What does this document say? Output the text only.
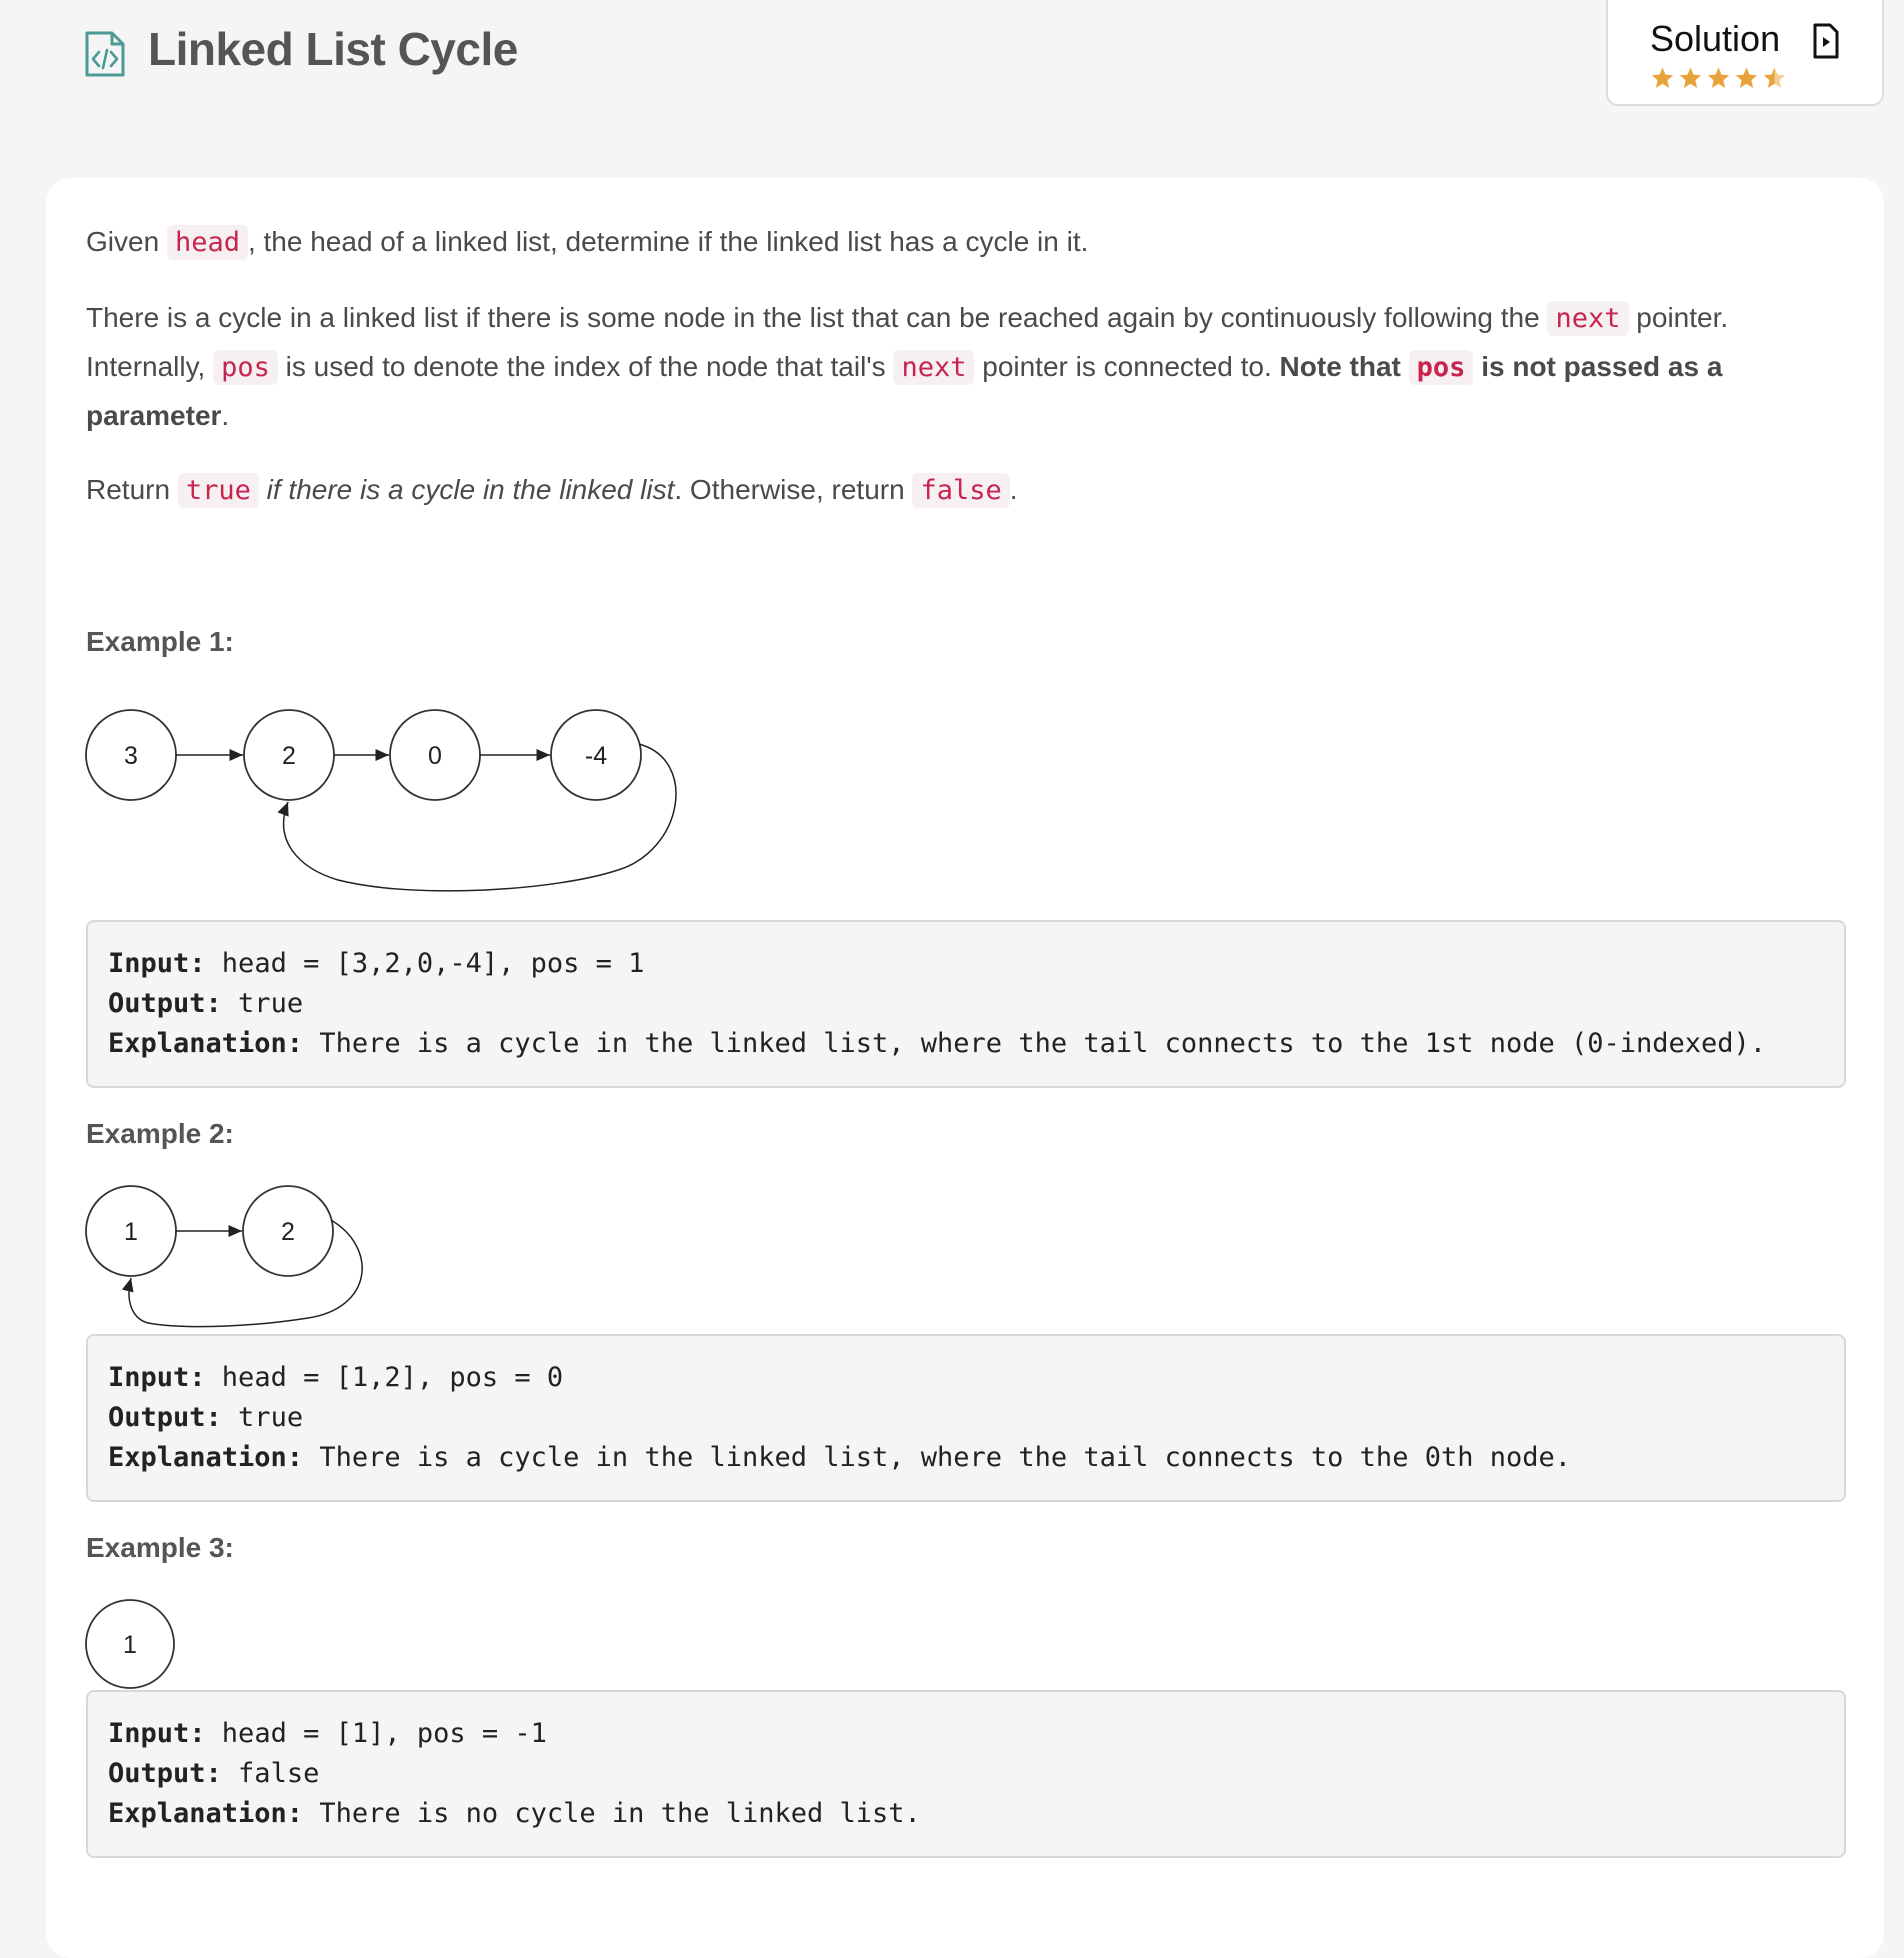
Linked List Cycle	Solution
Given head , the head of a linked list, determine if the linked list has a cycle in it.
There is a cycle in a linked list if there is some node in the list that can be reached again by continuously following the next pointer. Internally, pos is used to denote the index of the node that tail's next pointer is connected to. Note that pos is not passed as a parameter.
Return true if there is a cycle in the linked list. Otherwise, return false .
Example 1:
3	2	0	-4
Input: head = [3,2,0,-4], pos = 1
Output: true
Explanation: There is a cycle in the linked list, where the tail connects to the 1st node (0-indexed).
Example 2:
1	2
Input: head = [1,2], pos = 0
Output: true
Explanation: There is a cycle in the linked list, where the tail connects to the 0th node.
Example 3:
1
Input: head = [1], pos = -1
Output: false
Explanation: There is no cycle in the linked list.
